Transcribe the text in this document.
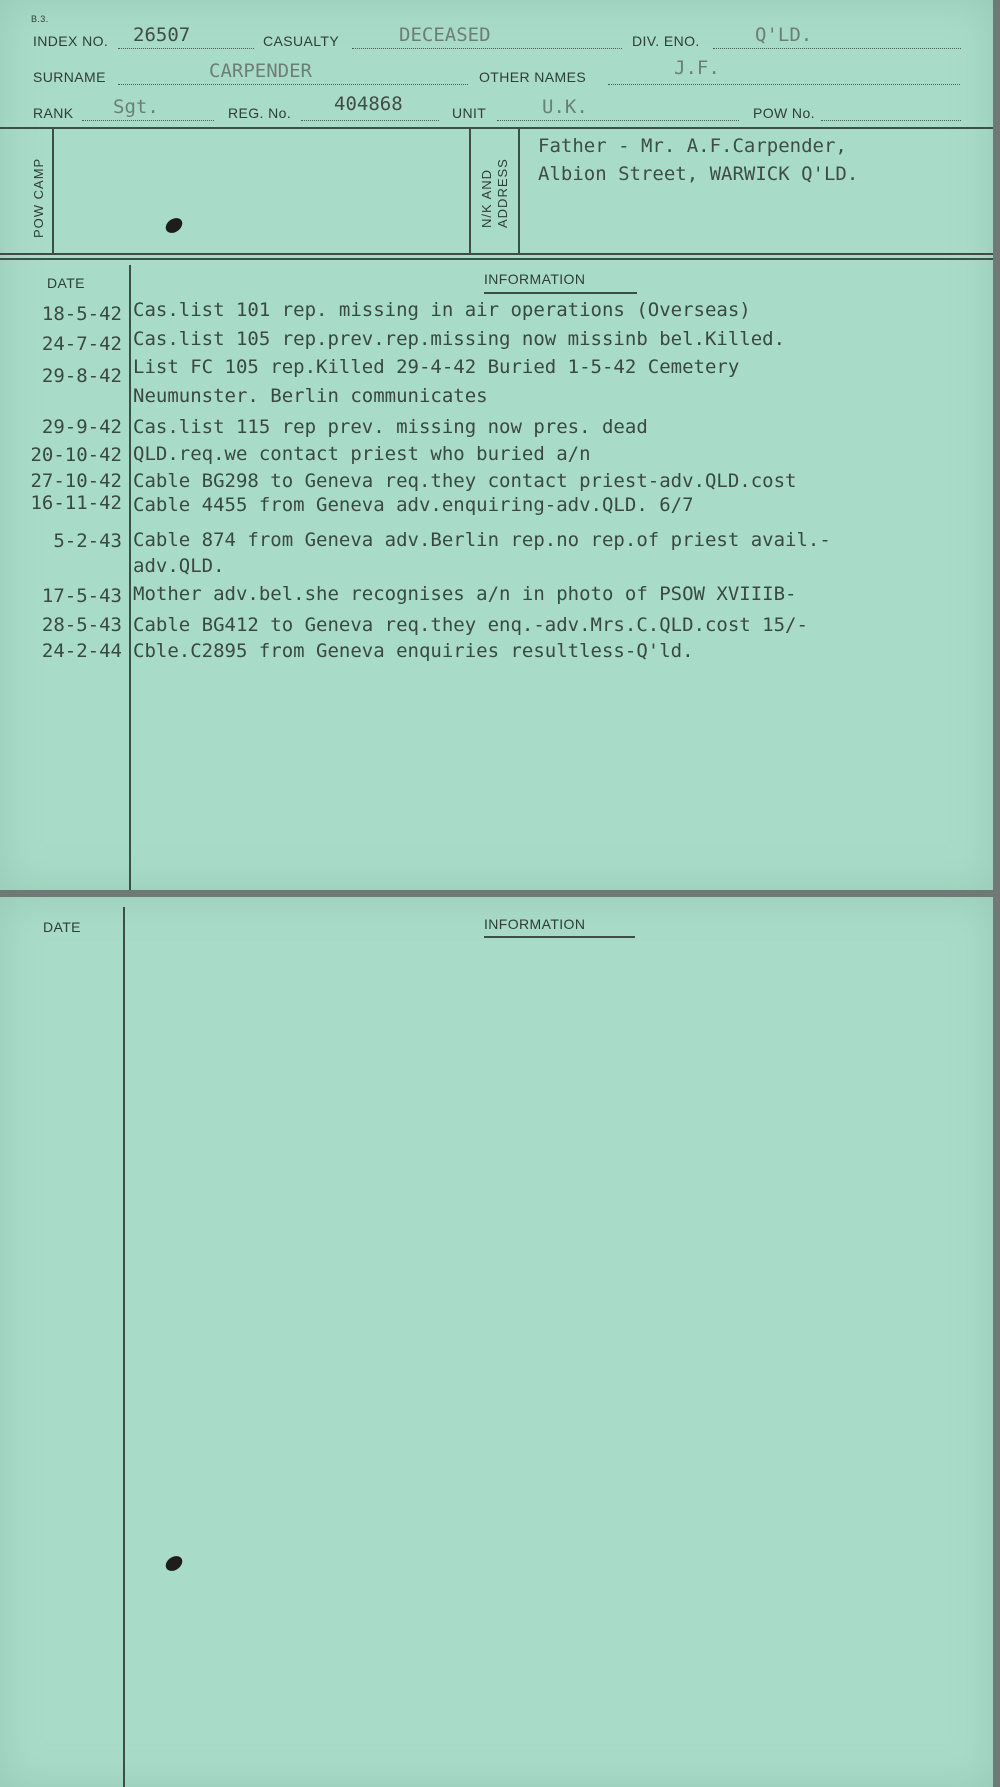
B.3.
INDEX NO. 26507	CASUALTY	DECEASED	DIV. ENO.	Q'LD.
SURNAME	CARPENDER	OTHER NAMES	J.F.
RANK Sgt.	REG. No. 404868	UNIT	U.K.	POW No.
POW CAMP	N/K AND ADDRESS
Father - Mr. A.F.Carpender,
Albion Street, WARWICK Q'LD.
DATE	INFORMATION
18-5-42 Cas.list 101 rep. missing in air operations (Overseas)
24-7-42 Cas.list 105 rep.prev.rep.missing now missinb bel.Killed.
29-8-42 List FC 105 rep.Killed 29-4-42 Buried 1-5-42 Cemetery
Neumunster. Berlin communicates
29-9-42 Cas.list 115 rep prev. missing now pres. dead
20-10-42 QLD.req.we contact priest who buried a/n
27-10-42 Cable BG298 to Geneva req.they contact priest-adv.QLD.cost
16-11-42 Cable 4455 from Geneva adv.enquiring-adv.QLD. 6/7
5-2-43 Cable 874 from Geneva adv.Berlin rep.no rep.of priest avail.-
adv.QLD.
17-5-43 Mother adv.bel.she recognises a/n in photo of PSOW XVIIIB-
28-5-43 Cable BG412 to Geneva req.they enq.-adv.Mrs.C.QLD.cost 15/-
24-2-44 Cble.C2895 from Geneva enquiries resultless-Q'ld.
DATE	INFORMATION
